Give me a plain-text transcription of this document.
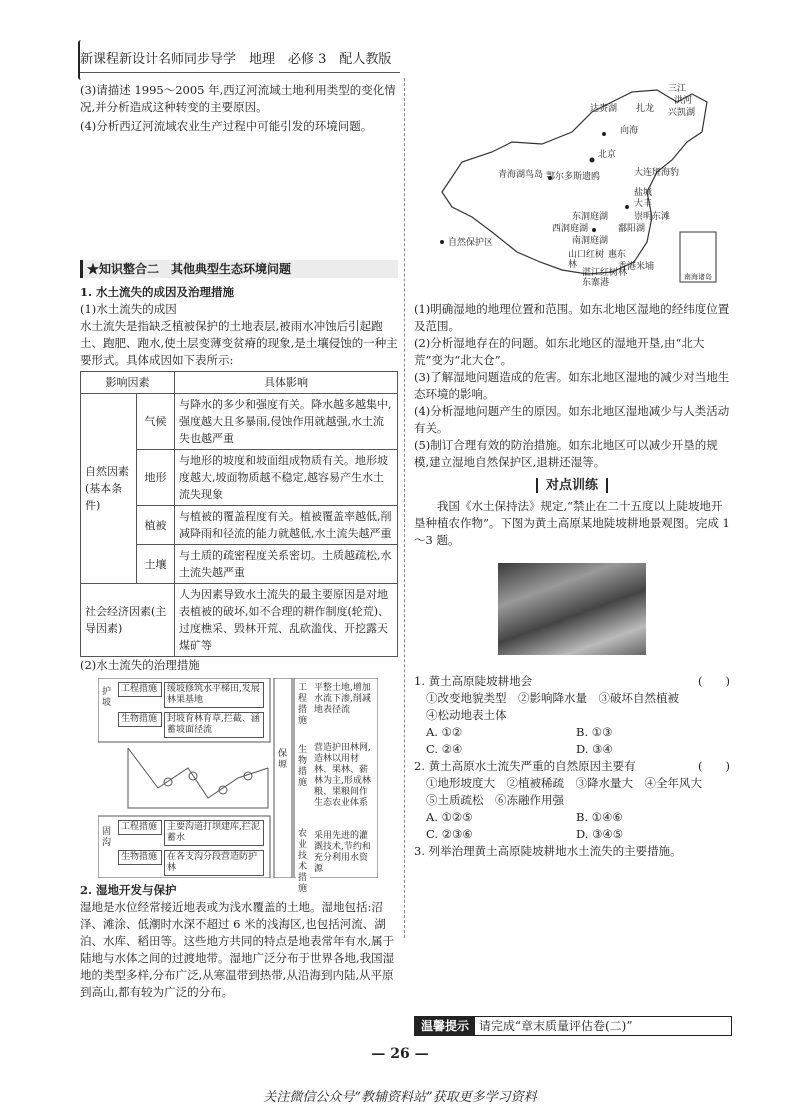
新课程新设计名师同步导学　地理　必修 3　配人教版
(3)请描述 1995～2005 年,西辽河流域土地利用类型的变化情况,并分析造成这种转变的主要原因。
(4)分析西辽河流域农业生产过程中可能引发的环境问题。
★知识整合二　其他典型生态环境问题
1. 水土流失的成因及治理措施
(1)水土流失的成因
水土流失是指缺乏植被保护的土地表层,被雨水冲蚀后引起跑土、跑肥、跑水,使土层变薄变贫瘠的现象,是土壤侵蚀的一种主要形式。具体成因如下表所示:
影响因素		具体影响
自然因素(基本条件)	气候	与降水的多少和强度有关。降水越多越集中,强度越大且多暴雨,侵蚀作用就越强,水土流失也越严重
	地形	与地形的坡度和坡面组成物质有关。地形坡度越大,坡面物质越不稳定,越容易产生水土流失现象
	植被	与植被的覆盖程度有关。植被覆盖率越低,削减降雨和径流的能力就越低,水土流失越严重
	土壤	与土质的疏密程度关系密切。土质越疏松,水土流失越严重
社会经济因素(主导因素)		人为因素导致水土流失的最主要原因是对地表植被的破坏,如不合理的耕作制度(轮荒)、过度樵采、毁林开荒、乱砍滥伐、开挖露天煤矿等
(2)水土流失的治理措施
护坡
工程措施	缓坡修筑水平梯田,发展林果基地
生物措施	封坡育林育草,拦截、涵蓄坡面径流
固沟
工程措施	主要沟道打坝建库,拦泥蓄水
生物措施	在各支沟分段营造防护林
保塬
工程措施
平整土地,增加水流下渗,削减地表径流
生物措施
营造护田林网,造林以用材林、果林、薪林为主,形成林粮、果粮间作生态农业体系
农业技术措施
采用先进的灌溉技术,节约和充分利用水资源
2. 湿地开发与保护
湿地是水位经常接近地表或为浅水覆盖的土地。湿地包括:沼泽、滩涂、低潮时水深不超过 6 米的浅海区,也包括河流、湖泊、水库、稻田等。这些地方共同的特点是地表常年有水,属于陆地与水体之间的过渡地带。湿地广泛分布于世界各地,我国湿地的类型多样,分布广泛,从寒温带到热带,从沿海到内陆,从平原到高山,都有较为广泛的分布。
三江
洪河
兴凯湖
扎龙
达赉湖
向海
北京
青海湖鸟岛 鄂尔多斯遗鸥	大连斑海豹
盐城
大丰
崇明东滩
东洞庭湖
西洞庭湖
南洞庭湖
鄱阳湖
山口红树林
惠东
香港米埔
湛江红树林
东寨港
自然保护区
南海诸岛
(1)明确湿地的地理位置和范围。如东北地区湿地的经纬度位置及范围。
(2)分析湿地存在的问题。如东北地区的湿地开垦,由“北大荒”变为“北大仓”。
(3)了解湿地问题造成的危害。如东北地区湿地的减少对当地生态环境的影响。
(4)分析湿地问题产生的原因。如东北地区湿地减少与人类活动有关。
(5)制订合理有效的防治措施。如东北地区可以减少开垦的规模,建立湿地自然保护区,退耕还湿等。
对点训练
我国《水土保持法》规定,“禁止在二十五度以上陡坡地开垦种植农作物”。下图为黄土高原某地陡坡耕地景观图。完成 1～3 题。
1. 黄土高原陡坡耕地会	(　　)
①改变地貌类型　②影响降水量　③破坏自然植被
④松动地表土体
A. ①②	B. ①③
C. ②④	D. ③④
2. 黄土高原水土流失严重的自然原因主要有	(　　)
①地形坡度大　②植被稀疏　③降水量大　④全年风大
⑤土质疏松　⑥冻融作用强
A. ①②⑤	B. ①④⑥
C. ②③⑥	D. ③④⑤
3. 列举治理黄土高原陡坡耕地水土流失的主要措施。
温馨提示 请完成“章末质量评估卷(二)”
— 26 —
关注微信公众号“教辅资料站”获取更多学习资料
